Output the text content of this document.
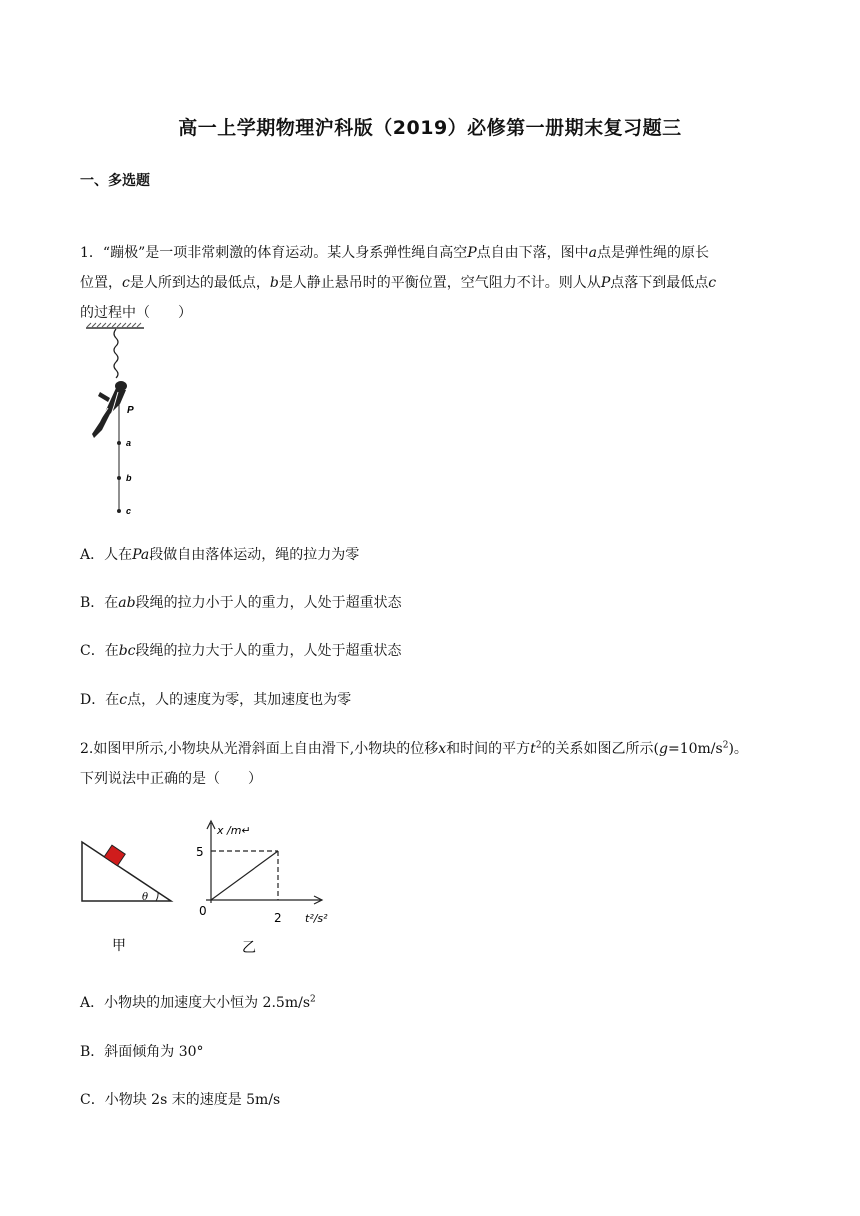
高一上学期物理沪科版（2019）必修第一册期末复习题三
一、多选题
1．“蹦极”是一项非常刺激的体育运动。某人身系弹性绳自高空P点自由下落，图中a点是弹性绳的原长
位置，c是人所到达的最低点，b是人静止悬吊时的平衡位置，空气阻力不计。则人从P点落下到最低点c
的过程中（　　）
P
a
b
c
A．人在Pa段做自由落体运动，绳的拉力为零
B．在ab段绳的拉力小于人的重力，人处于超重状态
C．在bc段绳的拉力大于人的重力，人处于超重状态
D．在c点，人的速度为零，其加速度也为零
2.如图甲所示,小物块从光滑斜面上自由滑下,小物块的位移x和时间的平方$t^2$的关系如图乙所示$(g=10m/s^2)$。
下列说法中正确的是（　　）
θ
甲
x /m↵
5
0	2 t²/s²
乙
A．小物块的加速度大小恒为 $2.5m/s^2$
B．斜面倾角为 30°
C．小物块 2s 末的速度是 5m/s
